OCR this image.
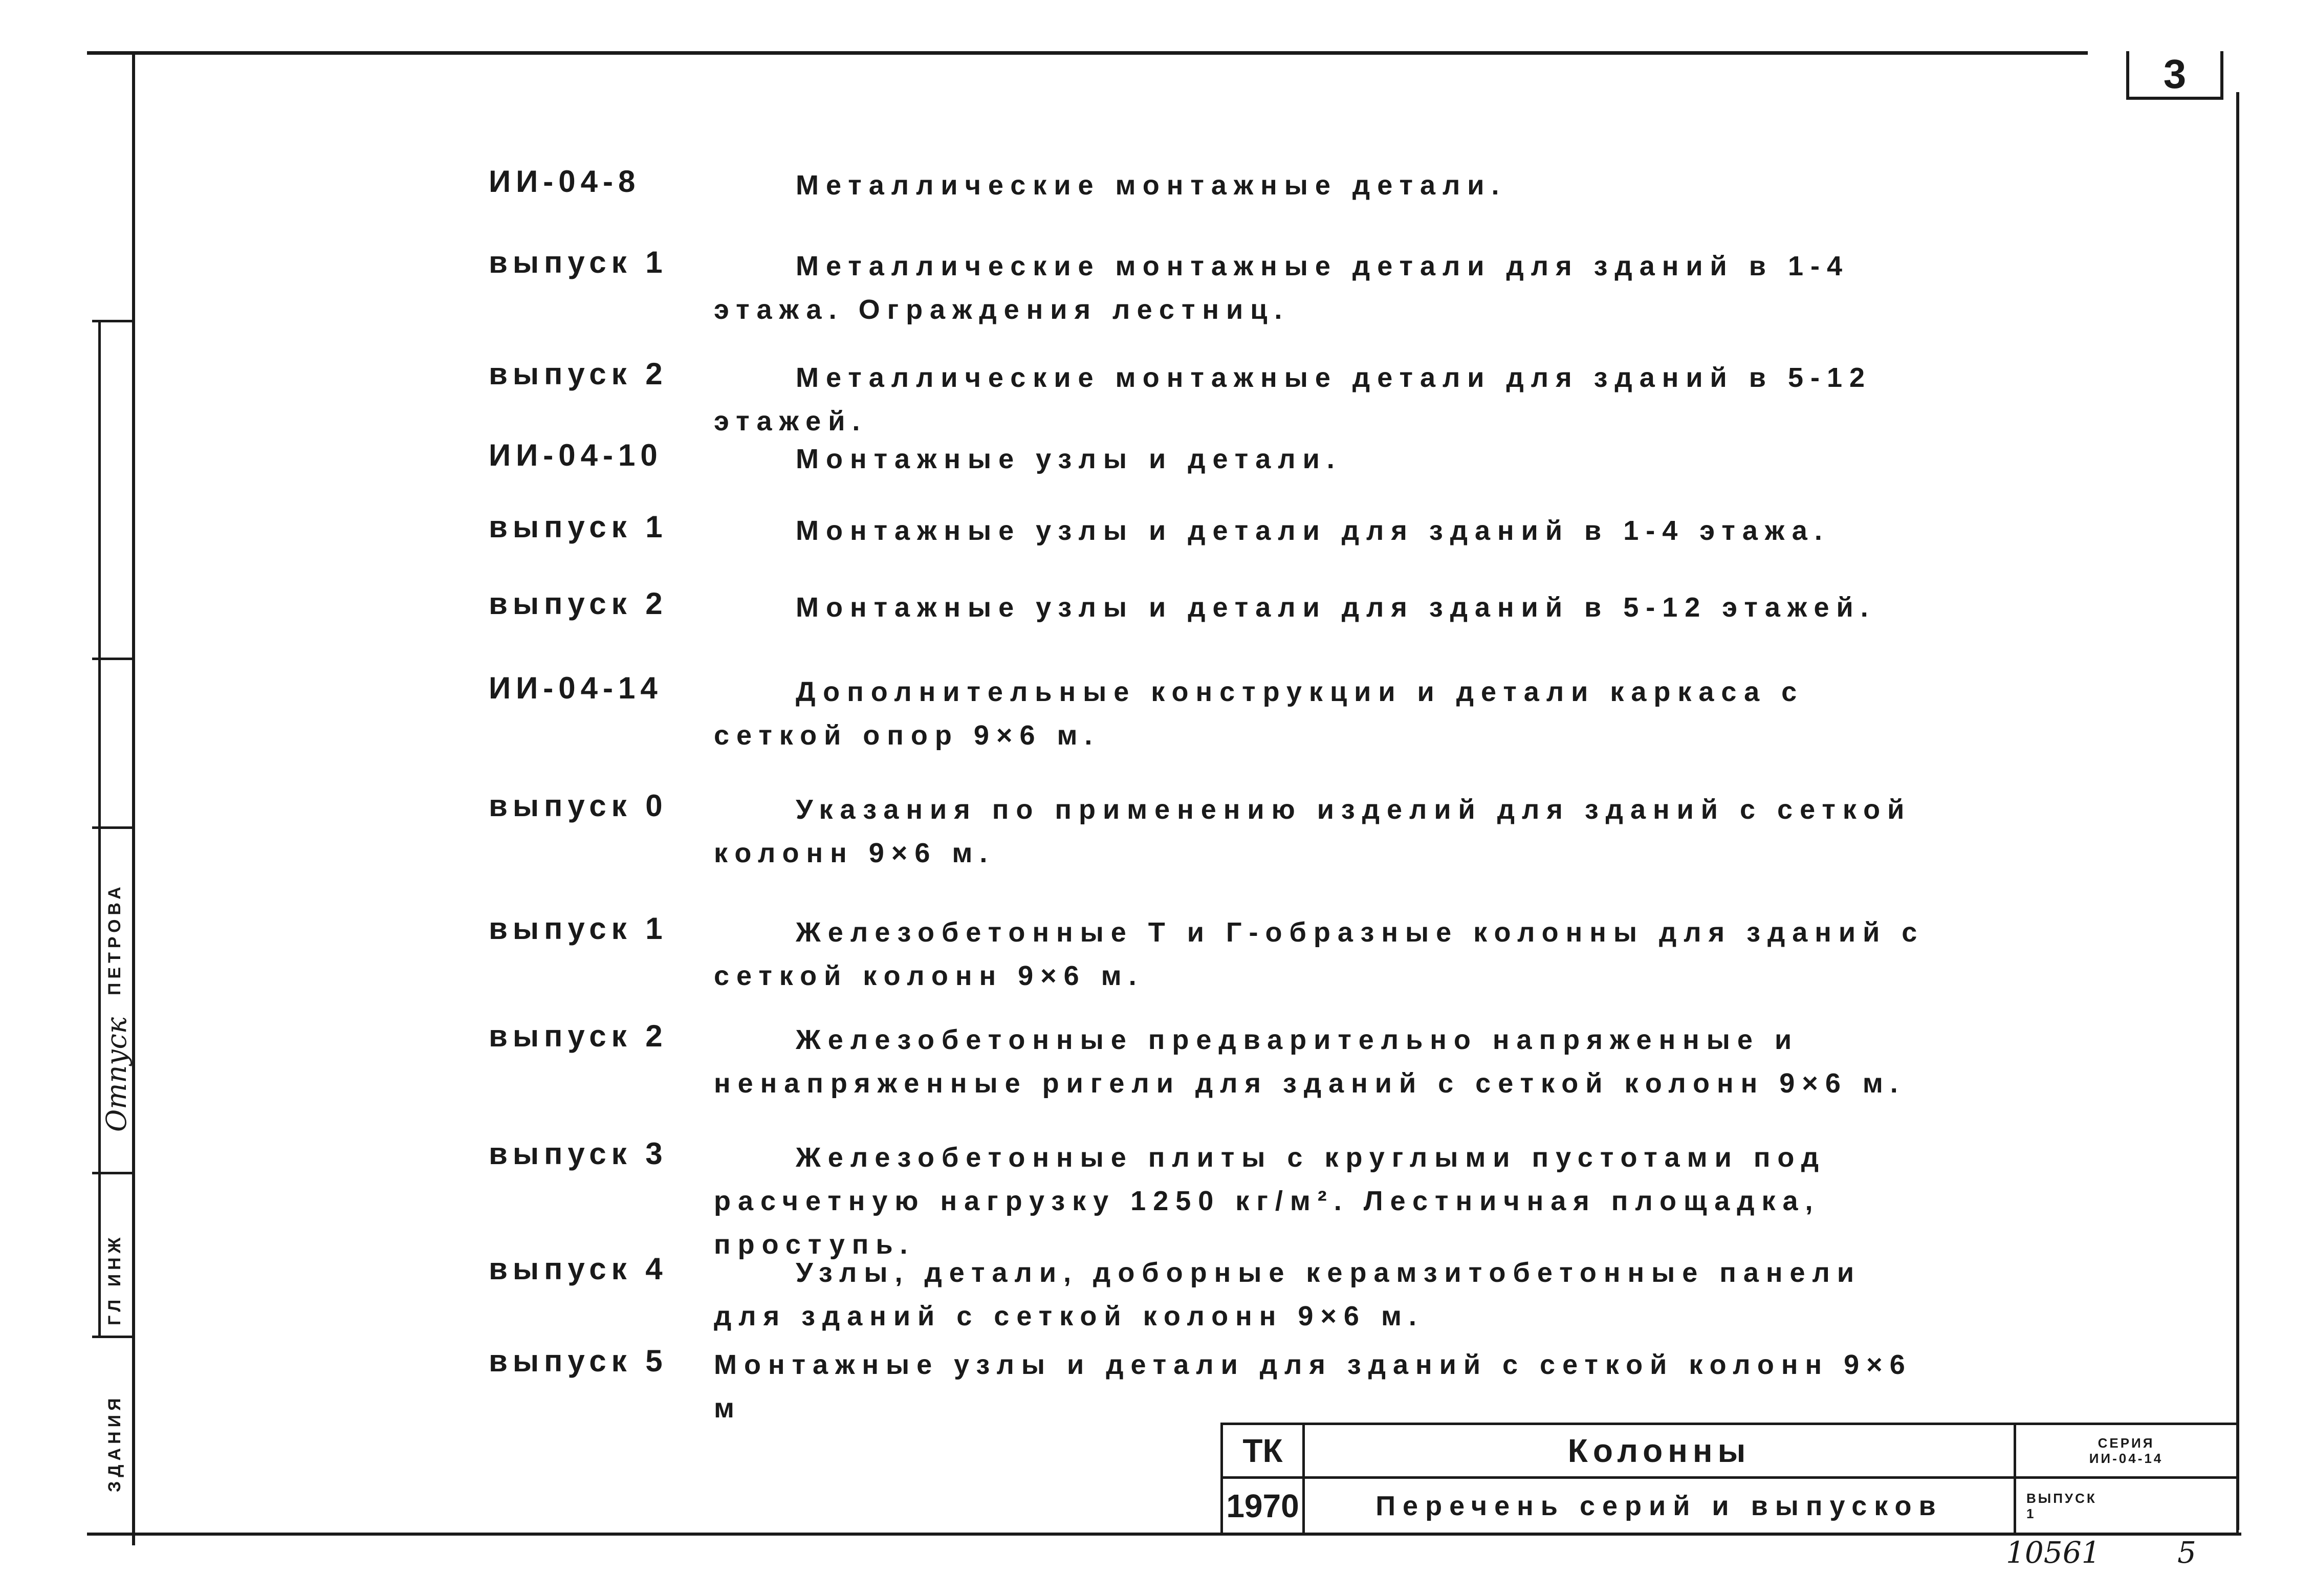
3
ПЕТРОВА
Отпуск
ГЛ ИНЖ
ЗДАНИЯ
ИИ-04-8	Металлические монтажные детали.
выпуск 1	Металлические монтажные детали для зданий в 1-4 этажа. Ограждения лестниц.
выпуск 2	Металлические монтажные детали для зданий в 5-12 этажей.
ИИ-04-10	Монтажные узлы и детали.
выпуск 1	Монтажные узлы и детали для зданий в 1-4 этажа.
выпуск 2	Монтажные узлы и детали для зданий в 5-12 этажей.
ИИ-04-14	Дополнительные конструкции и детали каркаса с сеткой опор 9×6 м.
выпуск 0	Указания по применению изделий для зданий с сеткой колонн 9×6 м.
выпуск 1	Железобетонные Т и Г-образные колонны для зданий с сеткой колонн 9×6 м.
выпуск 2	Железобетонные предварительно напряженные и ненапряженные ригели для зданий с сеткой колонн 9×6 м.
выпуск 3	Железобетонные плиты с круглыми пустотами под расчетную нагрузку 1250 кг/м². Лестничная площадка, проступь.
выпуск 4	Узлы, детали, доборные керамзитобетонные панели для зданий с сеткой колонн 9×6 м.
выпуск 5 Монтажные узлы и детали для зданий с сеткой колонн 9×6 м
ТК
1970
Колонны
Перечень серий и выпусков
СЕРИЯ
ИИ-04-14
ВЫПУСК
1
10561	5
